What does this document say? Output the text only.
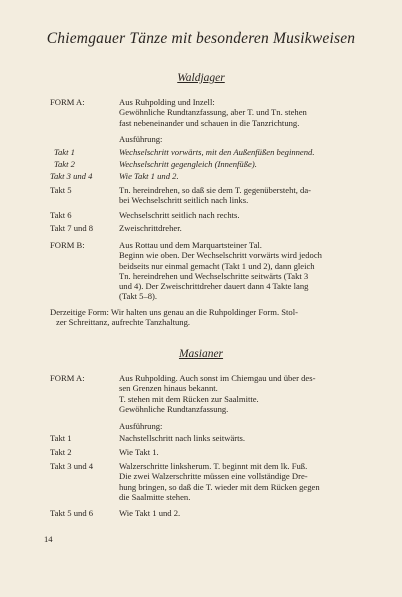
Chiemgauer Tänze mit besonderen Musikweisen
Waldjager
FORM A:	Aus Ruhpolding und Inzell:
Gewöhnliche Rundtanzfassung, aber T. und Tn. stehen
fast nebeneinander und schauen in die Tanzrichtung.
Ausführung:
Takt 1	Wechselschritt vorwärts, mit den Außenfüßen beginnend.
Takt 2	Wechselschritt gegengleich (Innenfüße).
Takt 3 und 4	Wie Takt 1 und 2.
Takt 5	Tn. hereindrehen, so daß sie dem T. gegenübersteht, da-
bei Wechselschritt seitlich nach links.
Takt 6	Wechselschritt seitlich nach rechts.
Takt 7 und 8	Zweischrittdreher.
FORM B:	Aus Rottau und dem Marquartsteiner Tal.
Beginn wie oben. Der Wechselschritt vorwärts wird jedoch
beidseits nur einmal gemacht (Takt 1 und 2), dann gleich
Tn. hereindrehen und Wechselschritte seitwärts (Takt 3
und 4). Der Zweischrittdreher dauert dann 4 Takte lang
(Takt 5–8).
Derzeitige Form: Wir halten uns genau an die Ruhpoldinger Form. Stol-
zer Schreittanz, aufrechte Tanzhaltung.
Masianer
FORM A:	Aus Ruhpolding. Auch sonst im Chiemgau und über des-
sen Grenzen hinaus bekannt.
T. stehen mit dem Rücken zur Saalmitte.
Gewöhnliche Rundtanzfassung.
Ausführung:
Takt 1	Nachstellschritt nach links seitwärts.
Takt 2	Wie Takt 1.
Takt 3 und 4	Walzerschritte linksherum. T. beginnt mit dem lk. Fuß.
Die zwei Walzerschritte müssen eine vollständige Dre-
hung bringen, so daß die T. wieder mit dem Rücken gegen
die Saalmitte stehen.
Takt 5 und 6	Wie Takt 1 und 2.
14
